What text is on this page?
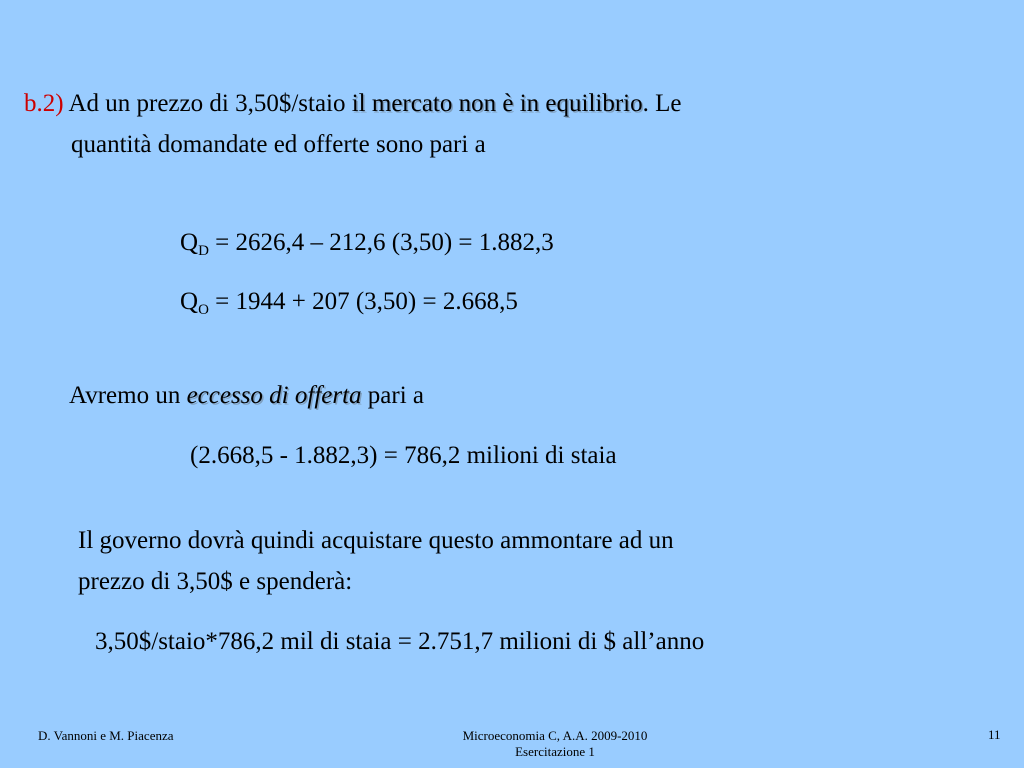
b.2) Ad un prezzo di 3,50$/staio il mercato non è in equilibrio. Le
quantità domandate ed offerte sono pari a
$Q_D = 2626,4 - 212,6$ (3,50) = 1.882,3
$Q_O = 1944 + 207$ (3,50) = 2.668,5
Avremo un eccesso di offerta pari a
(2.668,5 - 1.882,3) = 786,2 milioni di staia
Il governo dovrà quindi acquistare questo ammontare ad un
prezzo di 3,50$ e spenderà:
3,50$/staio*786,2 mil di staia = 2.751,7 milioni di $ all’anno
D. Vannoni e M. Piacenza	Microeconomia C, A.A. 2009-2010
Esercitazione 1
11
